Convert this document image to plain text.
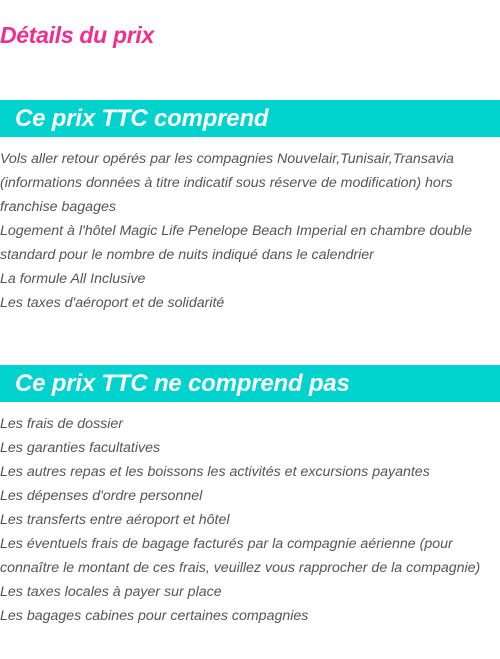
Détails du prix
Ce prix TTC comprend
Vols aller retour opérés par les compagnies Nouvelair,Tunisair,Transavia (informations données à titre indicatif sous réserve de modification) hors franchise bagages
Logement à l'hôtel Magic Life Penelope Beach Imperial en chambre double standard pour le nombre de nuits indiqué dans le calendrier
La formule All Inclusive
Les taxes d'aéroport et de solidarité
Ce prix TTC ne comprend pas
Les frais de dossier
Les garanties facultatives
Les autres repas et les boissons les activités et excursions payantes
Les dépenses d'ordre personnel
Les transferts entre aéroport et hôtel
Les éventuels frais de bagage facturés par la compagnie aérienne (pour connaître le montant de ces frais, veuillez vous rapprocher de la compagnie)
Les taxes locales à payer sur place
Les bagages cabines pour certaines compagnies
